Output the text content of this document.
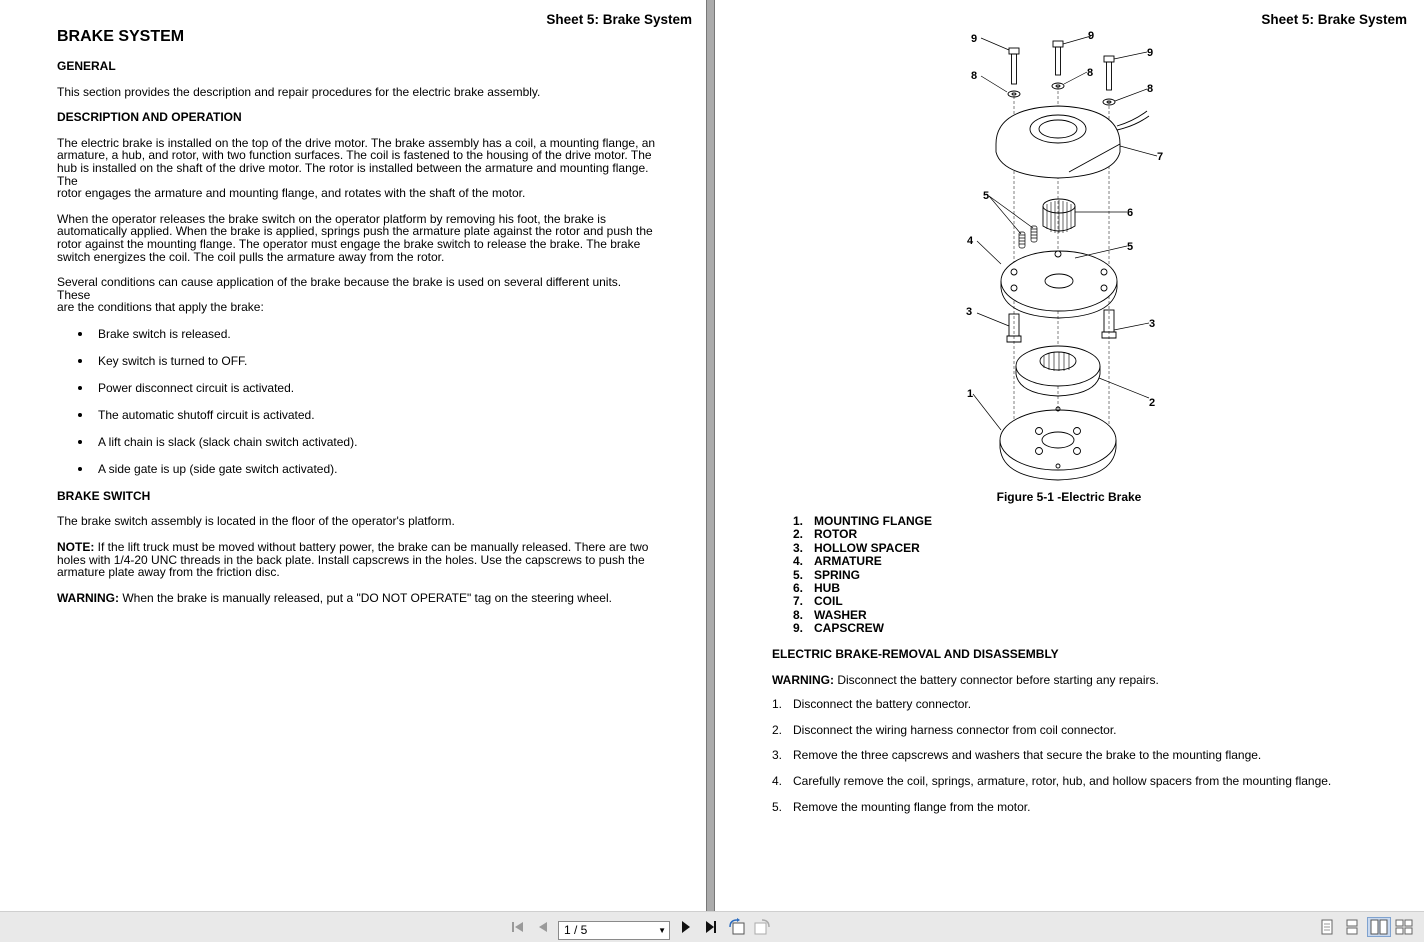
Sheet 5: Brake System
BRAKE SYSTEM
GENERAL

This section provides the description and repair procedures for the electric brake assembly.

DESCRIPTION AND OPERATION

The electric brake is installed on the top of the drive motor. The brake assembly has a coil, a mounting flange, an
armature, a hub, and rotor, with two function surfaces. The coil is fastened to the housing of the drive motor. The
hub is installed on the shaft of the drive motor. The rotor is installed between the armature and mounting flange. The
rotor engages the armature and mounting flange, and rotates with the shaft of the motor.

When the operator releases the brake switch on the operator platform by removing his foot, the brake is
automatically applied. When the brake is applied, springs push the armature plate against the rotor and push the
rotor against the mounting flange. The operator must engage the brake switch to release the brake. The brake
switch energizes the coil. The coil pulls the armature away from the rotor.

Several conditions can cause application of the brake because the brake is used on several different units. These
are the conditions that apply the brake:

Brake switch is released.
Key switch is turned to OFF.
Power disconnect circuit is activated.
The automatic shutoff circuit is activated.
A lift chain is slack (slack chain switch activated).
A side gate is up (side gate switch activated).
BRAKE SWITCH

The brake switch assembly is located in the floor of the operator's platform.

NOTE: If the lift truck must be moved without battery power, the brake can be manually released. There are two
holes with 1/4-20 UNC threads in the back plate. Install capscrews in the holes. Use the capscrews to push the
armature plate away from the friction disc.

WARNING: When the brake is manually released, put a "DO NOT OPERATE" tag on the steering wheel.

Sheet 5: Brake System
9	9
9
8	8
8
7
6
5
5
4
3
3
2
1
Figure 5-1 -Electric Brake
1. MOUNTING FLANGE
2. ROTOR
3. HOLLOW SPACER
4. ARMATURE
5. SPRING
6. HUB
7. COIL
8. WASHER
9. CAPSCREW
ELECTRIC BRAKE-REMOVAL AND DISASSEMBLY

WARNING: Disconnect the battery connector before starting any repairs.

1. Disconnect the battery connector.
2. Disconnect the wiring harness connector from coil connector.
3. Remove the three capscrews and washers that secure the brake to the mounting flange.
4. Carefully remove the coil, springs, armature, rotor, hub, and hollow spacers from the mounting flange.
5. Remove the mounting flange from the motor.
1 / 5	▼
